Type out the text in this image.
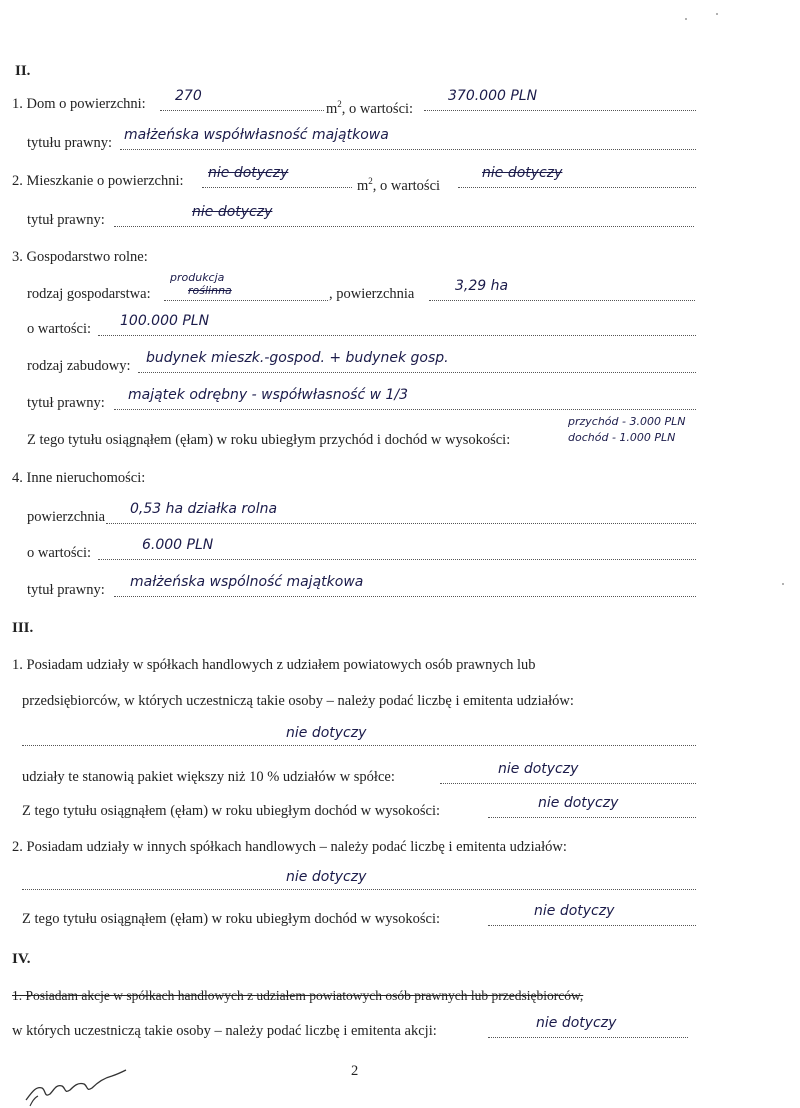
II.
1. Dom o powierzchni: 270
$m^2$, o wartości:
370.000 PLN
tytułu prawny: małżeńska współwłasność majątkowa
2. Mieszkanie o powierzchni: nie dotyczy
$m^2$, o wartości
nie dotyczy
tytuł prawny:	nie dotyczy
3. Gospodarstwo rolne:
rodzaj gospodarstwa:
produkcja
roślinna	, powierzchnia	3,29 ha
o wartości: 100.000 PLN
rodzaj zabudowy: budynek mieszk.-gospod. + budynek gosp.
tytuł prawny: majątek odrębny - współwłasność w 1/3
Z tego tytułu osiągnąłem (ęłam) w roku ubiegłym przychód i dochód w wysokości:
przychód - 3.000 PLN
dochód - 1.000 PLN
4. Inne nieruchomości:
powierzchnia 0,53 ha działka rolna
o wartości:	6.000 PLN
tytuł prawny: małżeńska wspólność majątkowa
III.
1. Posiadam udziały w spółkach handlowych z udziałem powiatowych osób prawnych lub
przedsiębiorców, w których uczestniczą takie osoby – należy podać liczbę i emitenta udziałów:
nie dotyczy
udziały te stanowią pakiet większy niż 10 % udziałów w spółce:	nie dotyczy
Z tego tytułu osiągnąłem (ęłam) w roku ubiegłym dochód w wysokości:	nie dotyczy
2. Posiadam udziały w innych spółkach handlowych – należy podać liczbę i emitenta udziałów:
nie dotyczy
Z tego tytułu osiągnąłem (ęłam) w roku ubiegłym dochód w wysokości:	nie dotyczy
IV.
1. Posiadam akcje w spółkach handlowych z udziałem powiatowych osób prawnych lub przedsiębiorców,
w których uczestniczą takie osoby – należy podać liczbę i emitenta akcji:	nie dotyczy
2
